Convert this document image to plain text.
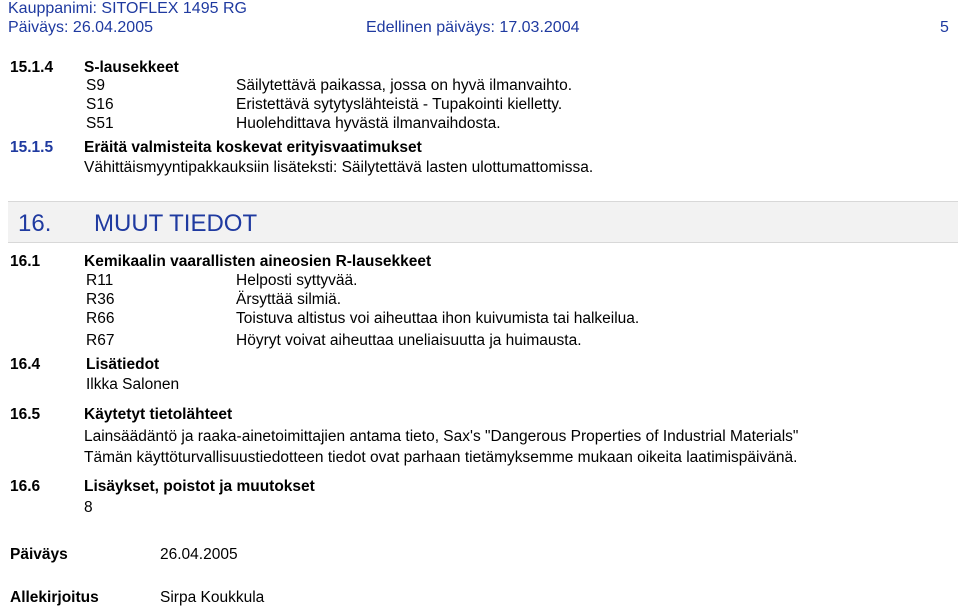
Kauppanimi: SITOFLEX 1495 RG
Päiväys: 26.04.2005	Edellinen päiväys: 17.03.2004	5
15.1.4 S-lausekkeet
S9	Säilytettävä paikassa, jossa on hyvä ilmanvaihto.
S16	Eristettävä sytytyslähteistä - Tupakointi kielletty.
S51	Huolehdittava hyvästä ilmanvaihdosta.
15.1.5 Eräitä valmisteita koskevat erityisvaatimukset
Vähittäismyyntipakkauksiin lisäteksti: Säilytettävä lasten ulottumattomissa.
16. MUUT TIEDOT
16.1	Kemikaalin vaarallisten aineosien R-lausekkeet
R11	Helposti syttyvää.
R36	Ärsyttää silmiä.
R66	Toistuva altistus voi aiheuttaa ihon kuivumista tai halkeilua.
R67	Höyryt voivat aiheuttaa uneliaisuutta ja huimausta.
16.4	Lisätiedot
Ilkka Salonen
16.5	Käytetyt tietolähteet
Lainsäädäntö ja raaka-ainetoimittajien antama tieto, Sax's "Dangerous Properties of Industrial Materials"
Tämän käyttöturvallisuustiedotteen tiedot ovat parhaan tietämyksemme mukaan oikeita laatimispäivänä.
16.6	Lisäykset, poistot ja muutokset
8
Päiväys	26.04.2005
Allekirjoitus	Sirpa Koukkula
